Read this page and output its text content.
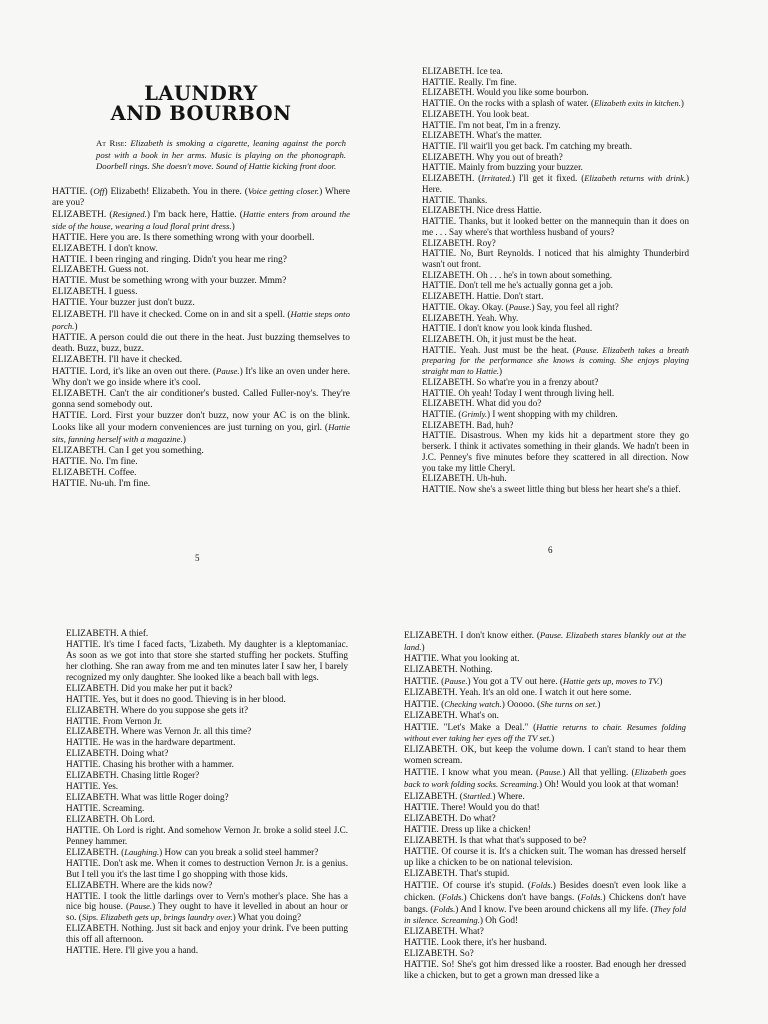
LAUNDRY
AND BOURBON
At Rise: Elizabeth is smoking a cigarette, leaning against the porch post with a book in her arms. Music is playing on the phonograph. Doorbell rings. She doesn't move. Sound of Hattie kicking front door.

HATTIE. (Off) Elizabeth! Elizabeth. You in there. (Voice getting closer.) Where are you?

ELIZABETH. (Resigned.) I'm back here, Hattie. (Hattie enters from around the side of the house, wearing a loud floral print dress.)

HATTIE. Here you are. Is there something wrong with your doorbell.

ELIZABETH. I don't know.

HATTIE. I been ringing and ringing. Didn't you hear me ring?

ELIZABETH. Guess not.

HATTIE. Must be something wrong with your buzzer. Mmm?

ELIZABETH. I guess.

HATTIE. Your buzzer just don't buzz.

ELIZABETH. I'll have it checked. Come on in and sit a spell. (Hattie steps onto porch.)

HATTIE. A person could die out there in the heat. Just buzzing themselves to death. Buzz, buzz, buzz.

ELIZABETH. I'll have it checked.

HATTIE. Lord, it's like an oven out there. (Pause.) It's like an oven under here. Why don't we go inside where it's cool.

ELIZABETH. Can't the air conditioner's busted. Called Fuller-noy's. They're gonna send somebody out.

HATTIE. Lord. First your buzzer don't buzz, now your AC is on the blink. Looks like all your modern conveniences are just turning on you, girl. (Hattie sits, fanning herself with a magazine.)

ELIZABETH. Can I get you something.

HATTIE. No. I'm fine.

ELIZABETH. Coffee.

HATTIE. Nu-uh. I'm fine.

5

ELIZABETH. Ice tea.

HATTIE. Really. I'm fine.

ELIZABETH. Would you like some bourbon.

HATTIE. On the rocks with a splash of water. (Elizabeth exits in kitchen.)

ELIZABETH. You look beat.

HATTIE. I'm not beat, I'm in a frenzy.

ELIZABETH. What's the matter.

HATTIE. I'll wait'll you get back. I'm catching my breath.

ELIZABETH. Why you out of breath?

HATTIE. Mainly from buzzing your buzzer.

ELIZABETH. (Irritated.) I'll get it fixed. (Elizabeth returns with drink.) Here.

HATTIE. Thanks.

ELIZABETH. Nice dress Hattie.

HATTIE. Thanks, but it looked better on the mannequin than it does on me . . . Say where's that worthless husband of yours?

ELIZABETH. Roy?

HATTIE. No, Burt Reynolds. I noticed that his almighty Thunderbird wasn't out front.

ELIZABETH. Oh . . . he's in town about something.

HATTIE. Don't tell me he's actually gonna get a job.

ELIZABETH. Hattie. Don't start.

HATTIE. Okay. Okay. (Pause.) Say, you feel all right?

ELIZABETH. Yeah. Why.

HATTIE. I don't know you look kinda flushed.

ELIZABETH. Oh, it just must be the heat.

HATTIE. Yeah. Just must be the heat. (Pause. Elizabeth takes a breath preparing for the performance she knows is coming. She enjoys playing straight man to Hattie.)

ELIZABETH. So what're you in a frenzy about?

HATTIE. Oh yeah! Today I went through living hell.

ELIZABETH. What did you do?

HATTIE. (Grimly.) I went shopping with my children.

ELIZABETH. Bad, huh?

HATTIE. Disastrous. When my kids hit a department store they go berserk. I think it activates something in their glands. We hadn't been in J.C. Penney's five minutes before they scattered in all direction. Now you take my little Cheryl.

ELIZABETH. Uh-huh.

HATTIE. Now she's a sweet little thing but bless her heart she's a thief.

6

ELIZABETH. A thief.

HATTIE. It's time I faced facts, 'Lizabeth. My daughter is a kleptomaniac. As soon as we got into that store she started stuffing her pockets. Stuffing her clothing. She ran away from me and ten minutes later I saw her, I barely recognized my only daughter. She looked like a beach ball with legs.

ELIZABETH. Did you make her put it back?

HATTIE. Yes, but it does no good. Thieving is in her blood.

ELIZABETH. Where do you suppose she gets it?

HATTIE. From Vernon Jr.

ELIZABETH. Where was Vernon Jr. all this time?

HATTIE. He was in the hardware department.

ELIZABETH. Doing what?

HATTIE. Chasing his brother with a hammer.

ELIZABETH. Chasing little Roger?

HATTIE. Yes.

ELIZABETH. What was little Roger doing?

HATTIE. Screaming.

ELIZABETH. Oh Lord.

HATTIE. Oh Lord is right. And somehow Vernon Jr. broke a solid steel J.C. Penney hammer.

ELIZABETH. (Laughing.) How can you break a solid steel hammer?

HATTIE. Don't ask me. When it comes to destruction Vernon Jr. is a genius. But I tell you it's the last time I go shopping with those kids.

ELIZABETH. Where are the kids now?

HATTIE. I took the little darlings over to Vern's mother's place. She has a nice big house. (Pause.) They ought to have it levelled in about an hour or so. (Sips. Elizabeth gets up, brings laundry over.) What you doing?

ELIZABETH. Nothing. Just sit back and enjoy your drink. I've been putting this off all afternoon.

HATTIE. Here. I'll give you a hand.

ELIZABETH. I don't know either. (Pause. Elizabeth stares blankly out at the land.)

HATTIE. What you looking at.

ELIZABETH. Nothing.

HATTIE. (Pause.) You got a TV out here. (Hattie gets up, moves to TV.)

ELIZABETH. Yeah. It's an old one. I watch it out here some.

HATTIE. (Checking watch.) Ooooo. (She turns on set.)

ELIZABETH. What's on.

HATTIE. "Let's Make a Deal." (Hattie returns to chair. Resumes folding without ever taking her eyes off the TV set.)

ELIZABETH. OK, but keep the volume down. I can't stand to hear them women scream.

HATTIE. I know what you mean. (Pause.) All that yelling. (Elizabeth goes back to work folding socks. Screaming.) Oh! Would you look at that woman!

ELIZABETH. (Startled.) Where.

HATTIE. There! Would you do that!

ELIZABETH. Do what?

HATTIE. Dress up like a chicken!

ELIZABETH. Is that what that's supposed to be?

HATTIE. Of course it is. It's a chicken suit. The woman has dressed herself up like a chicken to be on national television.

ELIZABETH. That's stupid.

HATTIE. Of course it's stupid. (Folds.) Besides doesn't even look like a chicken. (Folds.) Chickens don't have bangs. (Folds.) Chickens don't have bangs. (Folds.) And I know. I've been around chickens all my life. (They fold in silence. Screaming.) Oh God!

ELIZABETH. What?

HATTIE. Look there, it's her husband.

ELIZABETH. So?

HATTIE. So! She's got him dressed like a rooster. Bad enough her dressed like a chicken, but to get a grown man dressed like a
